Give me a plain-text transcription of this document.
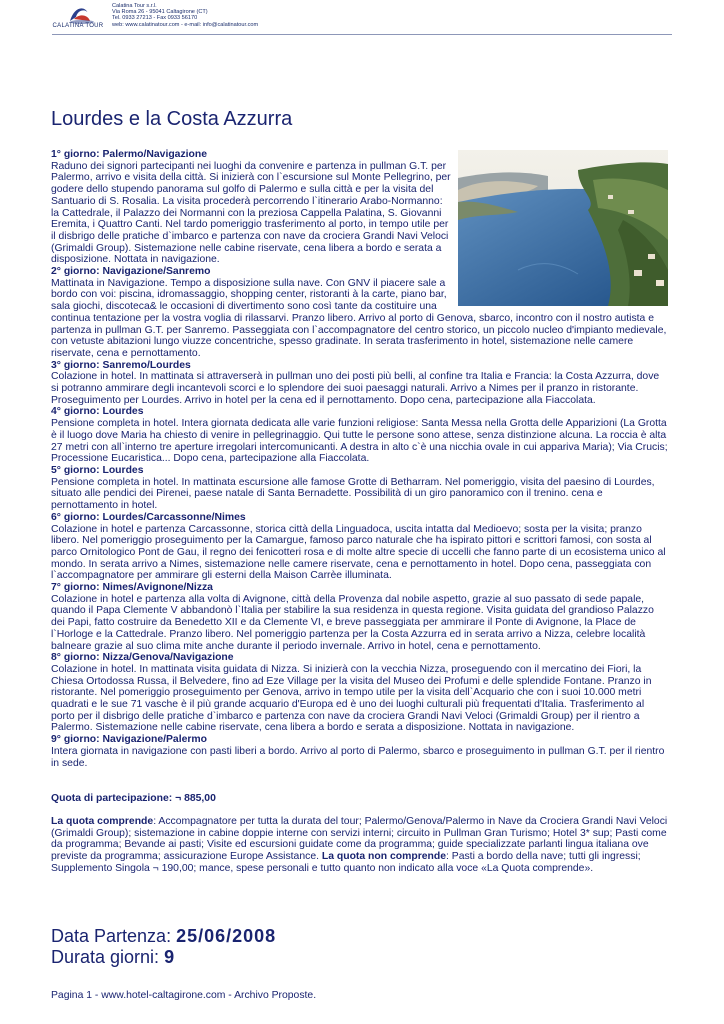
CALATINA TOUR
Calatina Tour s.r.l.
Via Roma 26 - 95041 Caltagirone (CT)
Tel. 0933 27213 - Fax 0933 56170
web: www.calatinatour.com - e-mail: info@calatinatour.com
Lourdes e la Costa Azzurra

1° giorno: Palermo/Navigazione
Raduno dei signori partecipanti nei luoghi da convenire e partenza in pullman G.T. per Palermo, arrivo e visita della città. Si inizierà con l`escursione sul Monte Pellegrino, per godere dello stupendo panorama sul golfo di Palermo e sulla città e per la visita del Santuario di S. Rosalia. La visita procederà percorrendo l`itinerario Arabo-Normanno: la Cattedrale, il Palazzo dei Normanni con la preziosa Cappella Palatina, S. Giovanni Eremita, i Quattro Canti. Nel tardo pomeriggio trasferimento al porto, in tempo utile per il disbrigo delle pratiche d`imbarco e partenza con nave da crociera Grandi Navi Veloci (Grimaldi Group). Sistemazione nelle cabine riservate, cena libera a bordo e serata a disposizione. Nottata in navigazione.

2° giorno: Navigazione/Sanremo
Mattinata in Navigazione. Tempo a disposizione sulla nave. Con GNV il piacere sale a bordo con voi: piscina, idromassaggio, shopping center, ristoranti à la carte, piano bar, sala giochi, discoteca& le occasioni di divertimento sono così tante da costituire una continua tentazione per la vostra voglia di rilassarvi. Pranzo libero. Arrivo al porto di Genova, sbarco, incontro con il nostro autista e partenza in pullman G.T. per Sanremo. Passeggiata con l`accompagnatore del centro storico, un piccolo nucleo d'impianto medievale, con vetuste abitazioni lungo viuzze concentriche, spesso gradinate. In serata trasferimento in hotel, sistemazione nelle camere riservate, cena e pernottamento.

3° giorno: Sanremo/Lourdes
Colazione in hotel. In mattinata si attraverserà in pullman uno dei posti più belli, al confine tra Italia e Francia: la Costa Azzurra, dove si potranno ammirare degli incantevoli scorci e lo splendore dei suoi paesaggi naturali. Arrivo a Nimes per il pranzo in ristorante. Proseguimento per Lourdes. Arrivo in hotel per la cena ed il pernottamento. Dopo cena, partecipazione alla Fiaccolata.

4° giorno: Lourdes
Pensione completa in hotel. Intera giornata dedicata alle varie funzioni religiose: Santa Messa nella Grotta delle Apparizioni (La Grotta è il luogo dove Maria ha chiesto di venire in pellegrinaggio. Qui tutte le persone sono attese, senza distinzione alcuna. La roccia è alta 27 metri con all`interno tre aperture irregolari intercomunicanti. A destra in alto c`è una nicchia ovale in cui appariva Maria); Via Crucis; Processione Eucaristica... Dopo cena, partecipazione alla Fiaccolata.

5° giorno: Lourdes
Pensione completa in hotel. In mattinata escursione alle famose Grotte di Betharram. Nel pomeriggio, visita del paesino di Lourdes, situato alle pendici dei Pirenei, paese natale di Santa Bernadette. Possibilità di un giro panoramico con il trenino. cena e pernottamento in hotel.

6° giorno: Lourdes/Carcassonne/Nimes
Colazione in hotel e partenza Carcassonne, storica città della Linguadoca, uscita intatta dal Medioevo; sosta per la visita; pranzo libero. Nel pomeriggio proseguimento per la Camargue, famoso parco naturale che ha ispirato pittori e scrittori famosi, con sosta al parco Ornitologico Pont de Gau, il regno dei fenicotteri rosa e di molte altre specie di uccelli che fanno parte di un ecosistema unico al mondo. In serata arrivo a Nimes, sistemazione nelle camere riservate, cena e pernottamento in hotel. Dopo cena, passeggiata con l`accompagnatore per ammirare gli esterni della Maison Carrèe illuminata.

7° giorno: Nimes/Avignone/Nizza
Colazione in hotel e partenza alla volta di Avignone, città della Provenza dal nobile aspetto, grazie al suo passato di sede papale, quando il Papa Clemente V abbandonò l`Italia per stabilire la sua residenza in questa regione. Visita guidata del grandioso Palazzo dei Papi, fatto costruire da Benedetto XII e da Clemente VI, e breve passeggiata per ammirare il Ponte di Avignone, la Place de l`Horloge e la Cattedrale. Pranzo libero. Nel pomeriggio partenza per la Costa Azzurra ed in serata arrivo a Nizza, celebre località balneare grazie al suo clima mite anche durante il periodo invernale. Arrivo in hotel, cena e pernottamento.

8° giorno: Nizza/Genova/Navigazione
Colazione in hotel. In mattinata visita guidata di Nizza. Si inizierà con la vecchia Nizza, proseguendo con il mercatino dei Fiori, la Chiesa Ortodossa Russa, il Belvedere, fino ad Eze Village per la visita del Museo dei Profumi e delle splendide Fontane. Pranzo in ristorante. Nel pomeriggio proseguimento per Genova, arrivo in tempo utile per la visita dell`Acquario che con i suoi 10.000 metri quadrati e le sue 71 vasche è il più grande acquario d'Europa ed è uno dei luoghi culturali più frequentati d'Italia. Trasferimento al porto per il disbrigo delle pratiche d`imbarco e partenza con nave da crociera Grandi Navi Veloci (Grimaldi Group) per il rientro a Palermo. Sistemazione nelle cabine riservate, cena libera a bordo e serata a disposizione. Nottata in navigazione.

9° giorno: Navigazione/Palermo
Intera giornata in navigazione con pasti liberi a bordo. Arrivo al porto di Palermo, sbarco e proseguimento in pullman G.T. per il rientro in sede.

Quota di partecipazione: ¬ 885,00

La quota comprende: Accompagnatore per tutta la durata del tour; Palermo/Genova/Palermo in Nave da Crociera Grandi Navi Veloci (Grimaldi Group); sistemazione in cabine doppie interne con servizi interni; circuito in Pullman Gran Turismo; Hotel 3* sup; Pasti come da programma; Bevande ai pasti; Visite ed escursioni guidate come da programma; guide specializzate parlanti lingua italiana ove previste da programma; assicurazione Europe Assistance. La quota non comprende: Pasti a bordo della nave; tutti gli ingressi; Supplemento Singola ¬ 190,00; mance, spese personali e tutto quanto non indicato alla voce «La Quota comprende».

Data Partenza: 25/06/2008
Durata giorni: 9
Pagina 1 - www.hotel-caltagirone.com - Archivo Proposte.
